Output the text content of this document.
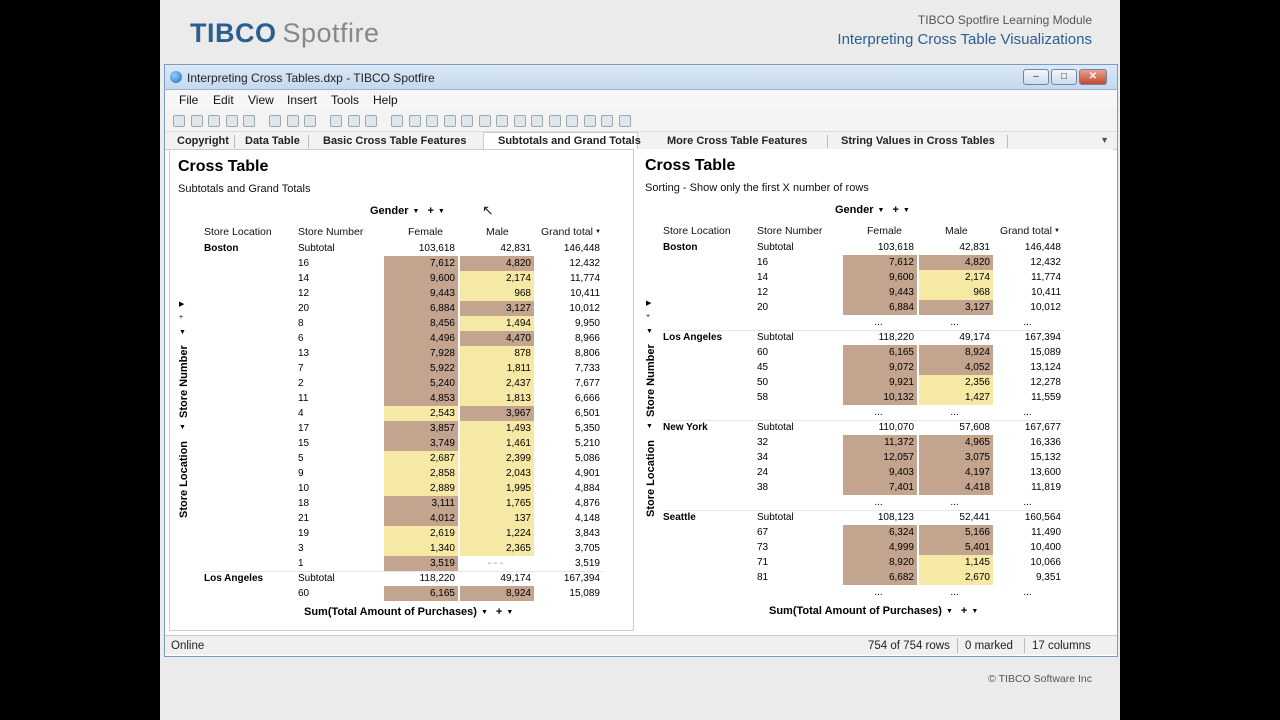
TIBCO Spotfire	TIBCO Spotfire Learning Module
Interpreting Cross Table Visualizations
Interpreting Cross Tables.dxp - TIBCO Spotfire	–	□	✕
File Edit View Insert Tools Help
Copyright Data Table Basic Cross Table Features	Subtotals and Grand Totals More Cross Table Features	String Values in Cross Tables	▼
Cross Table
Subtotals and Grand Totals
Gender ▼ + ▼	↖
▶
+
▼
Store Number
▼
Store Location
Sum(Total Amount of Purchases) ▼ + ▼
Store Location	Store Number	Female	Male	Grand total ▼
Boston	Subtotal	103,618	42,831	146,448
16	7,612	4,820	12,432
14	9,600	2,174	11,774
12	9,443	968	10,411
20	6,884	3,127	10,012
8	8,456	1,494	9,950
6	4,496	4,470	8,966
13	7,928	878	8,806
7	5,922	1,811	7,733
2	5,240	2,437	7,677
11	4,853	1,813	6,666
4	2,543	3,967	6,501
17	3,857	1,493	5,350
15	3,749	1,461	5,210
5	2,687	2,399	5,086
9	2,858	2,043	4,901
10	2,889	1,995	4,884
18	3,111	1,765	4,876
21	4,012	137	4,148
19	2,619	1,224	3,843
3	1,340	2,365	3,705
1	3,519	- - -	3,519
Los Angeles	Subtotal	118,220	49,174	167,394
60	6,165	8,924	15,089
Cross Table
Sorting - Show only the first X number of rows
Gender ▼ + ▼
▶
+
▼
Store Number
▼
Store Location
Sum(Total Amount of Purchases) ▼ + ▼
Store Location	Store Number	Female	Male	Grand total ▼
Boston	Subtotal	103,618	42,831	146,448
16	7,612	4,820	12,432
14	9,600	2,174	11,774
12	9,443	968	10,411
20	6,884	3,127	10,012
...	...	...
Los Angeles	Subtotal	118,220	49,174	167,394
60	6,165	8,924	15,089
45	9,072	4,052	13,124
50	9,921	2,356	12,278
58	10,132	1,427	11,559
...	...	...
New York	Subtotal	110,070	57,608	167,677
32	11,372	4,965	16,336
34	12,057	3,075	15,132
24	9,403	4,197	13,600
38	7,401	4,418	11,819
...	...	...
Seattle	Subtotal	108,123	52,441	160,564
67	6,324	5,166	11,490
73	4,999	5,401	10,400
71	8,920	1,145	10,066
81	6,682	2,670	9,351
...	...	...
Online	754 of 754 rows 0 marked 17 columns
© TIBCO Software Inc
